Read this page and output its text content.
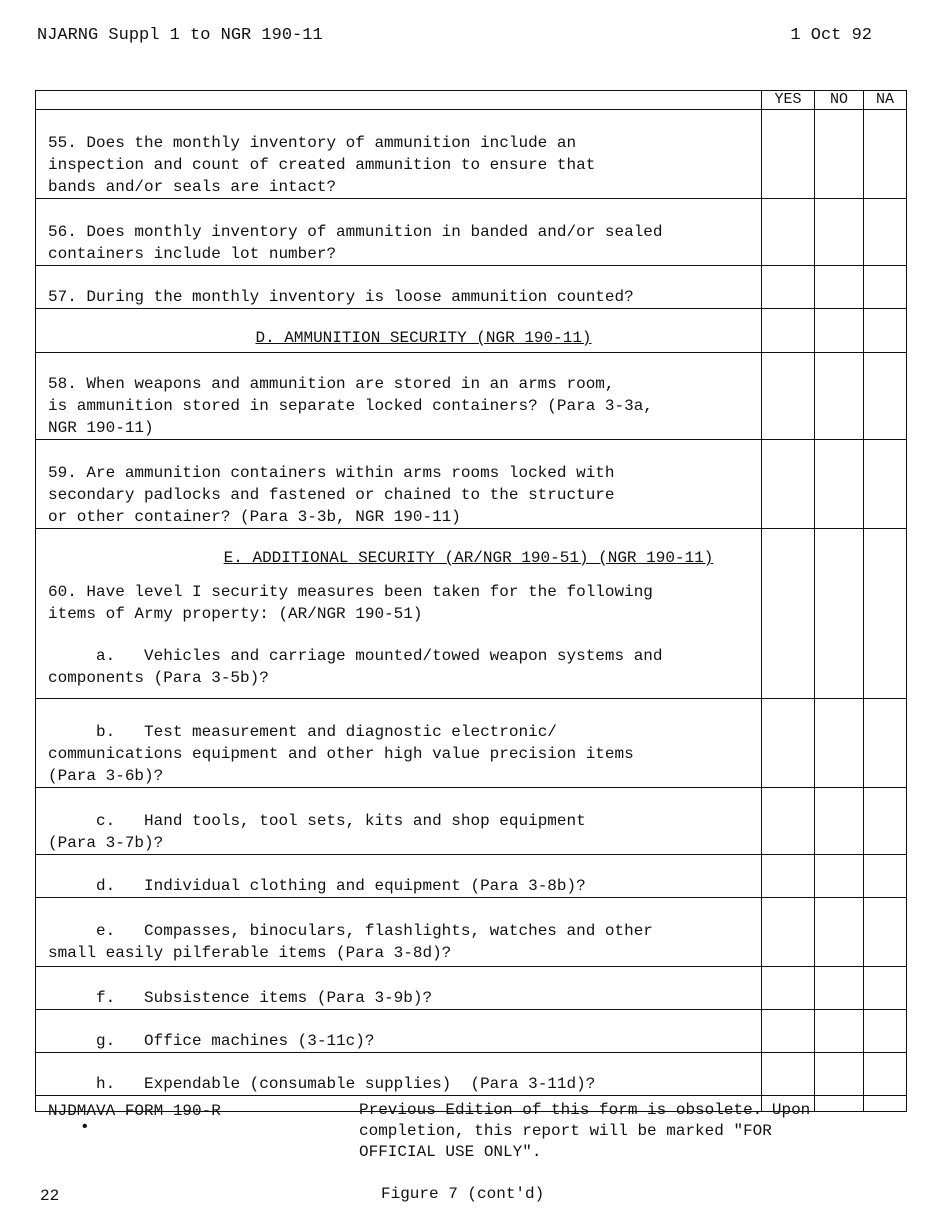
NJARNG Suppl 1 to NGR 190-11	1 Oct 92
	YES	NO	NA

55. Does the monthly inventory of ammunition include an
inspection and count of created ammunition to ensure that
bands and/or seals are intact?			

56. Does monthly inventory of ammunition in banded and/or sealed
containers include lot number?			

57. During the monthly inventory is loose ammunition counted?			

D. AMMUNITION SECURITY (NGR 190-11)			

58. When weapons and ammunition are stored in an arms room,
is ammunition stored in separate locked containers? (Para 3-3a,
NGR 190-11)			

59. Are ammunition containers within arms rooms locked with
secondary padlocks and fastened or chained to the structure
or other container? (Para 3-3b, NGR 190-11)			

E. ADDITIONAL SECURITY (AR/NGR 190-51) (NGR 190-11)			

60. Have level I security measures been taken for the following
items of Army property: (AR/NGR 190-51)			

a.   Vehicles and carriage mounted/towed weapon systems and
components (Para 3-5b)?			

b.   Test measurement and diagnostic electronic/
communications equipment and other high value precision items
(Para 3-6b)?			

c.   Hand tools, tool sets, kits and shop equipment
(Para 3-7b)?			

d.   Individual clothing and equipment (Para 3-8b)?			

e.   Compasses, binoculars, flashlights, watches and other
small easily pilferable items (Para 3-8d)?			

f.   Subsistence items (Para 3-9b)?			

g.   Office machines (3-11c)?			

h.   Expendable (consumable supplies)  (Para 3-11d)?			

NJDMAVA FORM 190-R
•
Previous Edition of this form is obsolete. Upon
completion, this report will be marked "FOR
OFFICIAL USE ONLY".
22	Figure 7 (cont'd)
